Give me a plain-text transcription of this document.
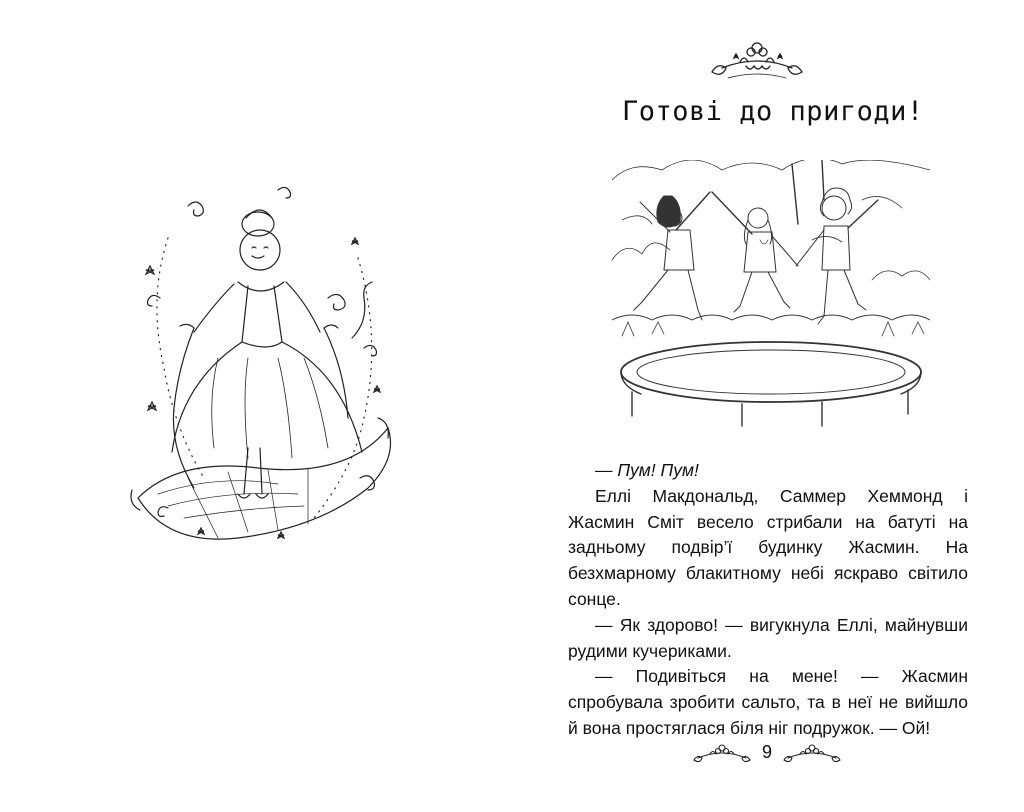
Готові до пригоди!

— Пум! Пум!

Еллі Макдональд, Саммер Хеммонд і Жасмин Сміт весело стрибали на батуті на задньому подвір’ї будинку Жасмин. На безхмарному блакитному небі яскраво світило сонце.

— Як здорово! — вигукнула Еллі, майнувши рудими кучериками.

— Подивіться на мене! — Жасмин спробувала зробити сальто, та в неї не вийшло й вона простяглася біля ніг подружок. — Ой!

9
